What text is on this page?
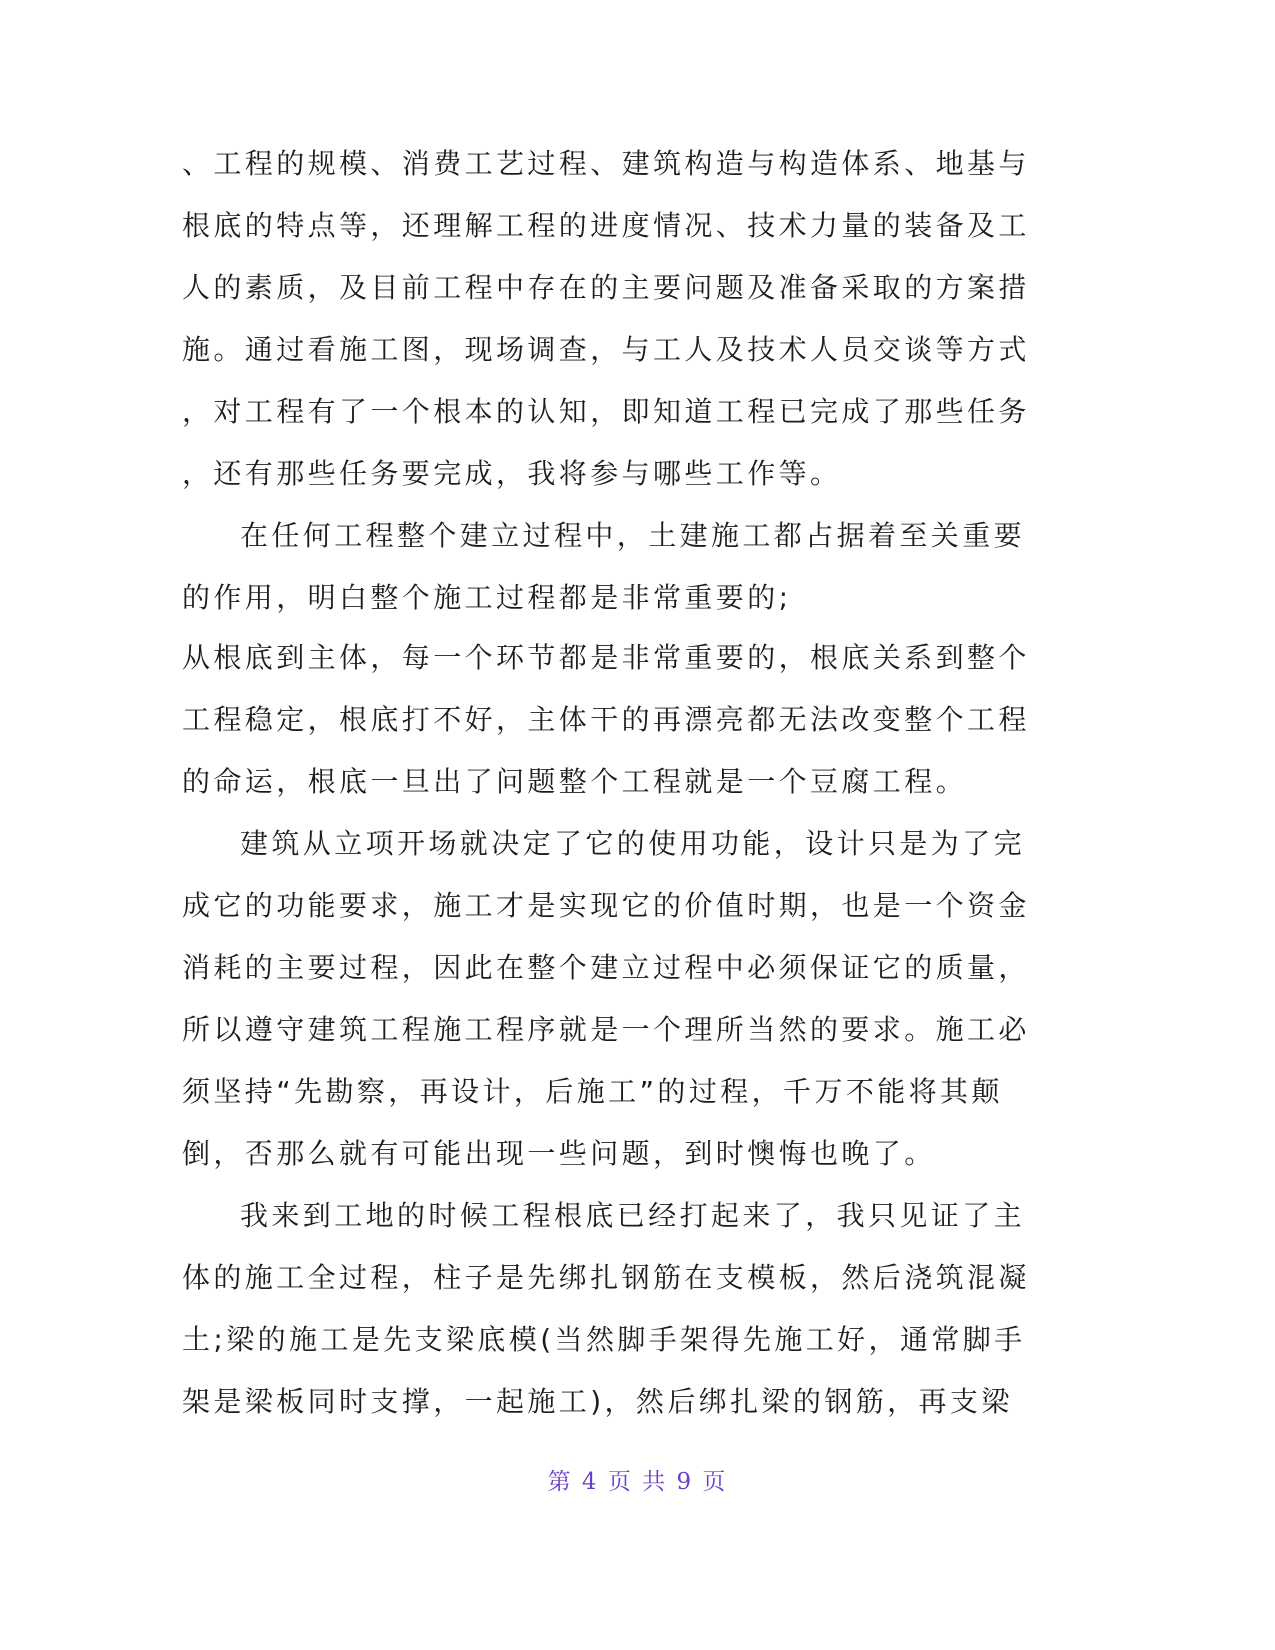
、工程的规模、消费工艺过程、建筑构造与构造体系、地基与
根底的特点等，还理解工程的进度情况、技术力量的装备及工
人的素质，及目前工程中存在的主要问题及准备采取的方案措
施。通过看施工图，现场调查，与工人及技术人员交谈等方式
，对工程有了一个根本的认知，即知道工程已完成了那些任务
，还有那些任务要完成，我将参与哪些工作等。
在任何工程整个建立过程中，土建施工都占据着至关重要
的作用，明白整个施工过程都是非常重要的;
从根底到主体，每一个环节都是非常重要的，根底关系到整个
工程稳定，根底打不好，主体干的再漂亮都无法改变整个工程
的命运，根底一旦出了问题整个工程就是一个豆腐工程。
建筑从立项开场就决定了它的使用功能，设计只是为了完
成它的功能要求，施工才是实现它的价值时期，也是一个资金
消耗的主要过程，因此在整个建立过程中必须保证它的质量，
所以遵守建筑工程施工程序就是一个理所当然的要求。施工必
须坚持“先勘察，再设计，后施工”的过程，千万不能将其颠
倒，否那么就有可能出现一些问题，到时懊悔也晚了。
我来到工地的时候工程根底已经打起来了，我只见证了主
体的施工全过程，柱子是先绑扎钢筋在支模板，然后浇筑混凝
土;梁的施工是先支梁底模(当然脚手架得先施工好，通常脚手
架是梁板同时支撑，一起施工)，然后绑扎梁的钢筋，再支梁
第 4 页 共 9 页
